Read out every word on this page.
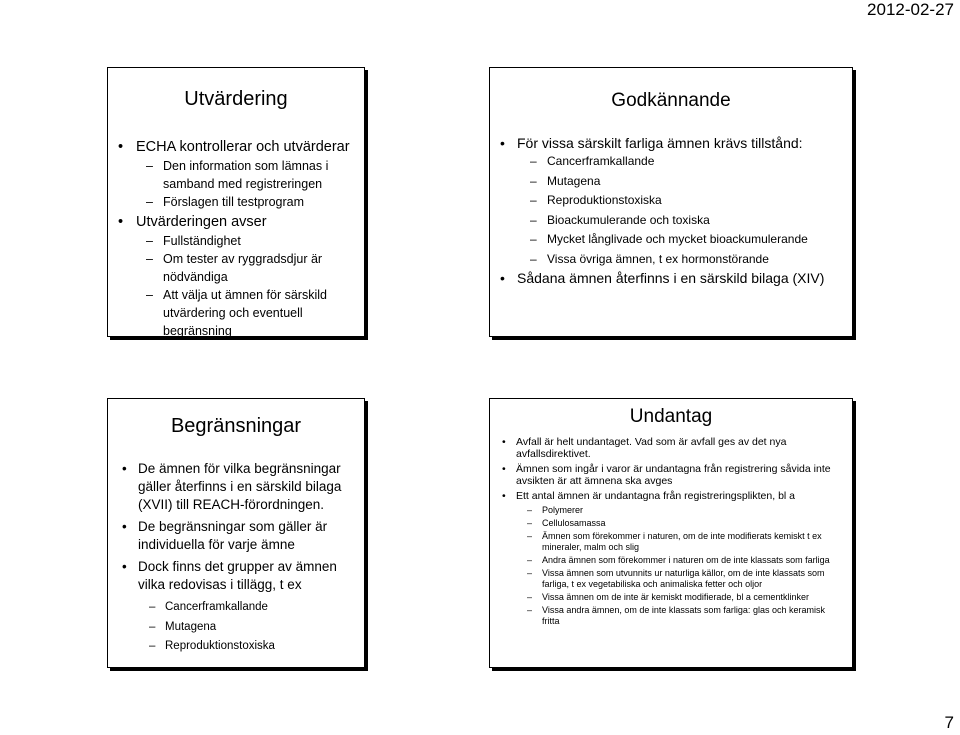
2012-02-27
Utvärdering
• ECHA kontrollerar och utvärderar
– Den information som lämnas i samband med registreringen
– Förslagen till testprogram
• Utvärderingen avser
– Fullständighet
– Om tester av ryggradsdjur är nödvändiga
– Att välja ut ämnen för särskild utvärdering och eventuell begränsning
Godkännande
• För vissa särskilt farliga ämnen krävs tillstånd:
– Cancerframkallande
– Mutagena
– Reproduktionstoxiska
– Bioackumulerande och toxiska
– Mycket långlivade och mycket bioackumulerande
– Vissa övriga ämnen, t ex hormonstörande
• Sådana ämnen återfinns i en särskild bilaga (XIV)
Begränsningar
• De ämnen för vilka begränsningar gäller återfinns i en särskild bilaga (XVII) till REACH-förordningen.
• De begränsningar som gäller är individuella för varje ämne
• Dock finns det grupper av ämnen vilka redovisas i tillägg, t ex
– Cancerframkallande
– Mutagena
– Reproduktionstoxiska
Undantag
• Avfall är helt undantaget. Vad som är avfall ges av det nya avfallsdirektivet.
• Ämnen som ingår i varor är undantagna från registrering såvida inte avsikten är att ämnena ska avges
• Ett antal ämnen är undantagna från registreringsplikten, bl a
– Polymerer
– Cellulosamassa
– Ämnen som förekommer i naturen, om de inte modifierats kemiskt t ex mineraler, malm och slig
– Andra ämnen som förekommer i naturen om de inte klassats som farliga
– Vissa ämnen som utvunnits ur naturliga källor, om de inte klassats som farliga, t ex vegetabiliska och animaliska fetter och oljor
– Vissa ämnen om de inte är kemiskt modifierade, bl a cementklinker
– Vissa andra ämnen, om de inte klassats som farliga: glas och keramisk fritta
7
